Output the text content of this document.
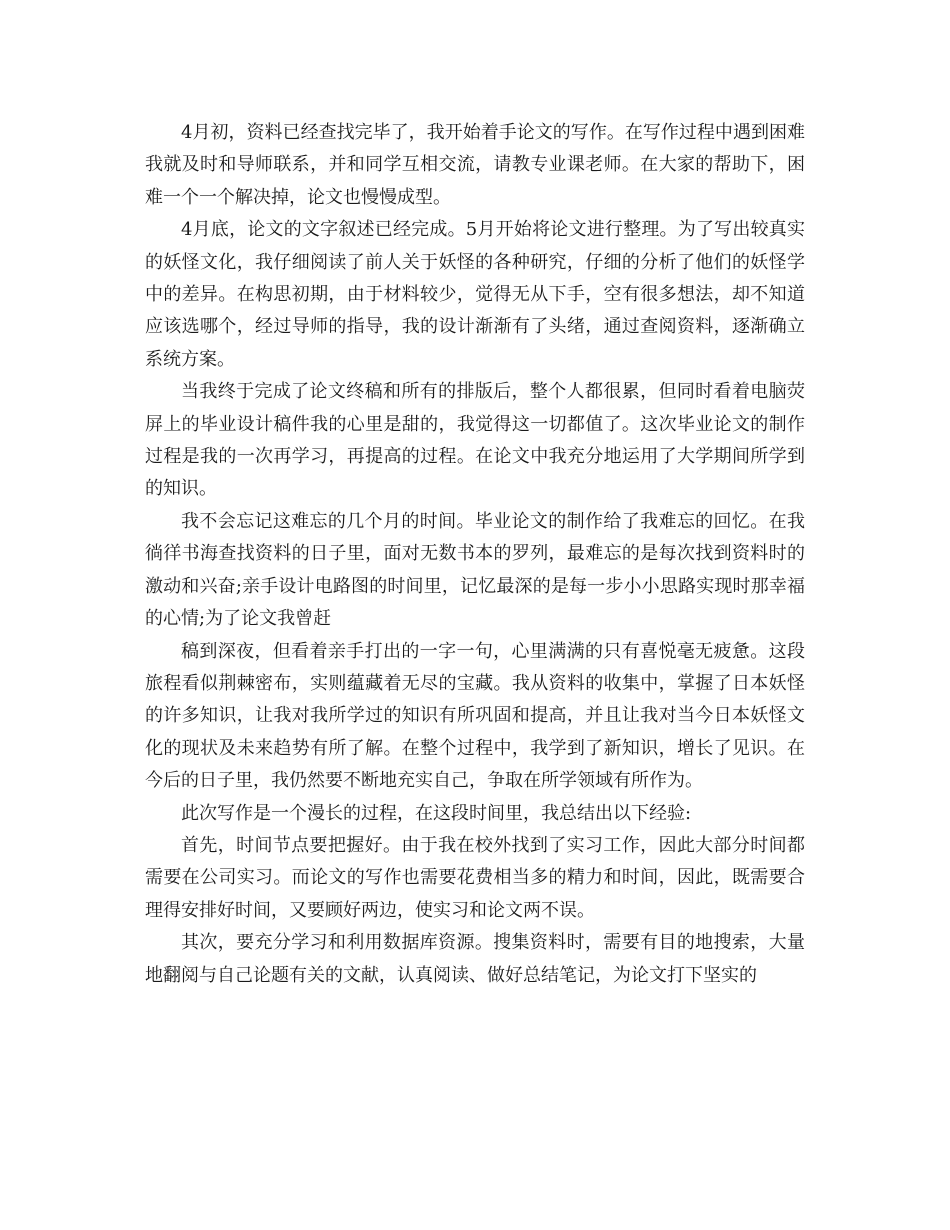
4月初，资料已经查找完毕了，我开始着手论文的写作。在写作过程中遇到困难我就及时和导师联系，并和同学互相交流，请教专业课老师。在大家的帮助下，困难一个一个解决掉，论文也慢慢成型。

4月底，论文的文字叙述已经完成。5月开始将论文进行整理。为了写出较真实的妖怪文化，我仔细阅读了前人关于妖怪的各种研究，仔细的分析了他们的妖怪学中的差异。在构思初期，由于材料较少，觉得无从下手，空有很多想法，却不知道应该选哪个，经过导师的指导，我的设计渐渐有了头绪，通过查阅资料，逐渐确立系统方案。

当我终于完成了论文终稿和所有的排版后，整个人都很累，但同时看着电脑荧屏上的毕业设计稿件我的心里是甜的，我觉得这一切都值了。这次毕业论文的制作过程是我的一次再学习，再提高的过程。在论文中我充分地运用了大学期间所学到的知识。

我不会忘记这难忘的几个月的时间。毕业论文的制作给了我难忘的回忆。在我徜徉书海查找资料的日子里，面对无数书本的罗列，最难忘的是每次找到资料时的激动和兴奋;亲手设计电路图的时间里，记忆最深的是每一步小小思路实现时那幸福的心情;为了论文我曾赶

稿到深夜，但看着亲手打出的一字一句，心里满满的只有喜悦毫无疲惫。这段旅程看似荆棘密布，实则蕴藏着无尽的宝藏。我从资料的收集中，掌握了日本妖怪的许多知识，让我对我所学过的知识有所巩固和提高，并且让我对当今日本妖怪文化的现状及未来趋势有所了解。在整个过程中，我学到了新知识，增长了见识。在今后的日子里，我仍然要不断地充实自己，争取在所学领域有所作为。

此次写作是一个漫长的过程，在这段时间里，我总结出以下经验:

首先，时间节点要把握好。由于我在校外找到了实习工作，因此大部分时间都需要在公司实习。而论文的写作也需要花费相当多的精力和时间，因此，既需要合理得安排好时间，又要顾好两边，使实习和论文两不误。

其次，要充分学习和利用数据库资源。搜集资料时，需要有目的地搜索，大量地翻阅与自己论题有关的文献，认真阅读、做好总结笔记，为论文打下坚实的
